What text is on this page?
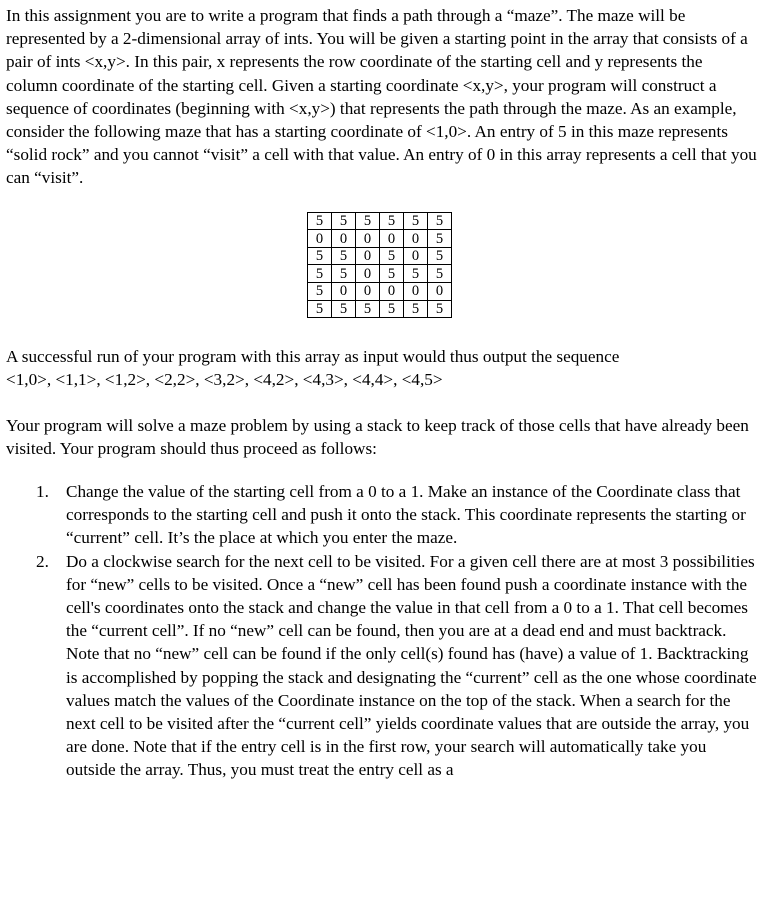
In this assignment you are to write a program that finds a path through a “maze”. The maze will be represented by a 2-dimensional array of ints. You will be given a starting point in the array that consists of a pair of ints <x,y>. In this pair, x represents the row coordinate of the starting cell and y represents the column coordinate of the starting cell. Given a starting coordinate <x,y>, your program will construct a sequence of coordinates (beginning with <x,y>) that represents the path through the maze. As an example, consider the following maze that has a starting coordinate of <1,0>. An entry of 5 in this maze represents “solid rock” and you cannot “visit” a cell with that value. An entry of 0 in this array represents a cell that you can “visit”.

5	5	5	5	5	5
0	0	0	0	0	5
5	5	0	5	0	5
5	5	0	5	5	5
5	0	0	0	0	0
5	5	5	5	5	5

A successful run of your program with this array as input would thus output the sequence
<1,0>, <1,1>, <1,2>, <2,2>, <3,2>, <4,2>, <4,3>, <4,4>, <4,5>

Your program will solve a maze problem by using a stack to keep track of those cells that have already been visited. Your program should thus proceed as follows:

1. Change the value of the starting cell from a 0 to a 1. Make an instance of the Coordinate class that corresponds to the starting cell and push it onto the stack. This coordinate represents the starting or “current” cell. It’s the place at which you enter the maze.
2. Do a clockwise search for the next cell to be visited. For a given cell there are at most 3 possibilities for “new” cells to be visited. Once a “new” cell has been found push a coordinate instance with the cell's coordinates onto the stack and change the value in that cell from a 0 to a 1. That cell becomes the “current cell”. If no “new” cell can be found, then you are at a dead end and must backtrack. Note that no “new” cell can be found if the only cell(s) found has (have) a value of 1. Backtracking is accomplished by popping the stack and designating the “current” cell as the one whose coordinate values match the values of the Coordinate instance on the top of the stack. When a search for the next cell to be visited after the “current cell” yields coordinate values that are outside the array, you are done. Note that if the entry cell is in the first row, your search will automatically take you outside the array. Thus, you must treat the entry cell as a
